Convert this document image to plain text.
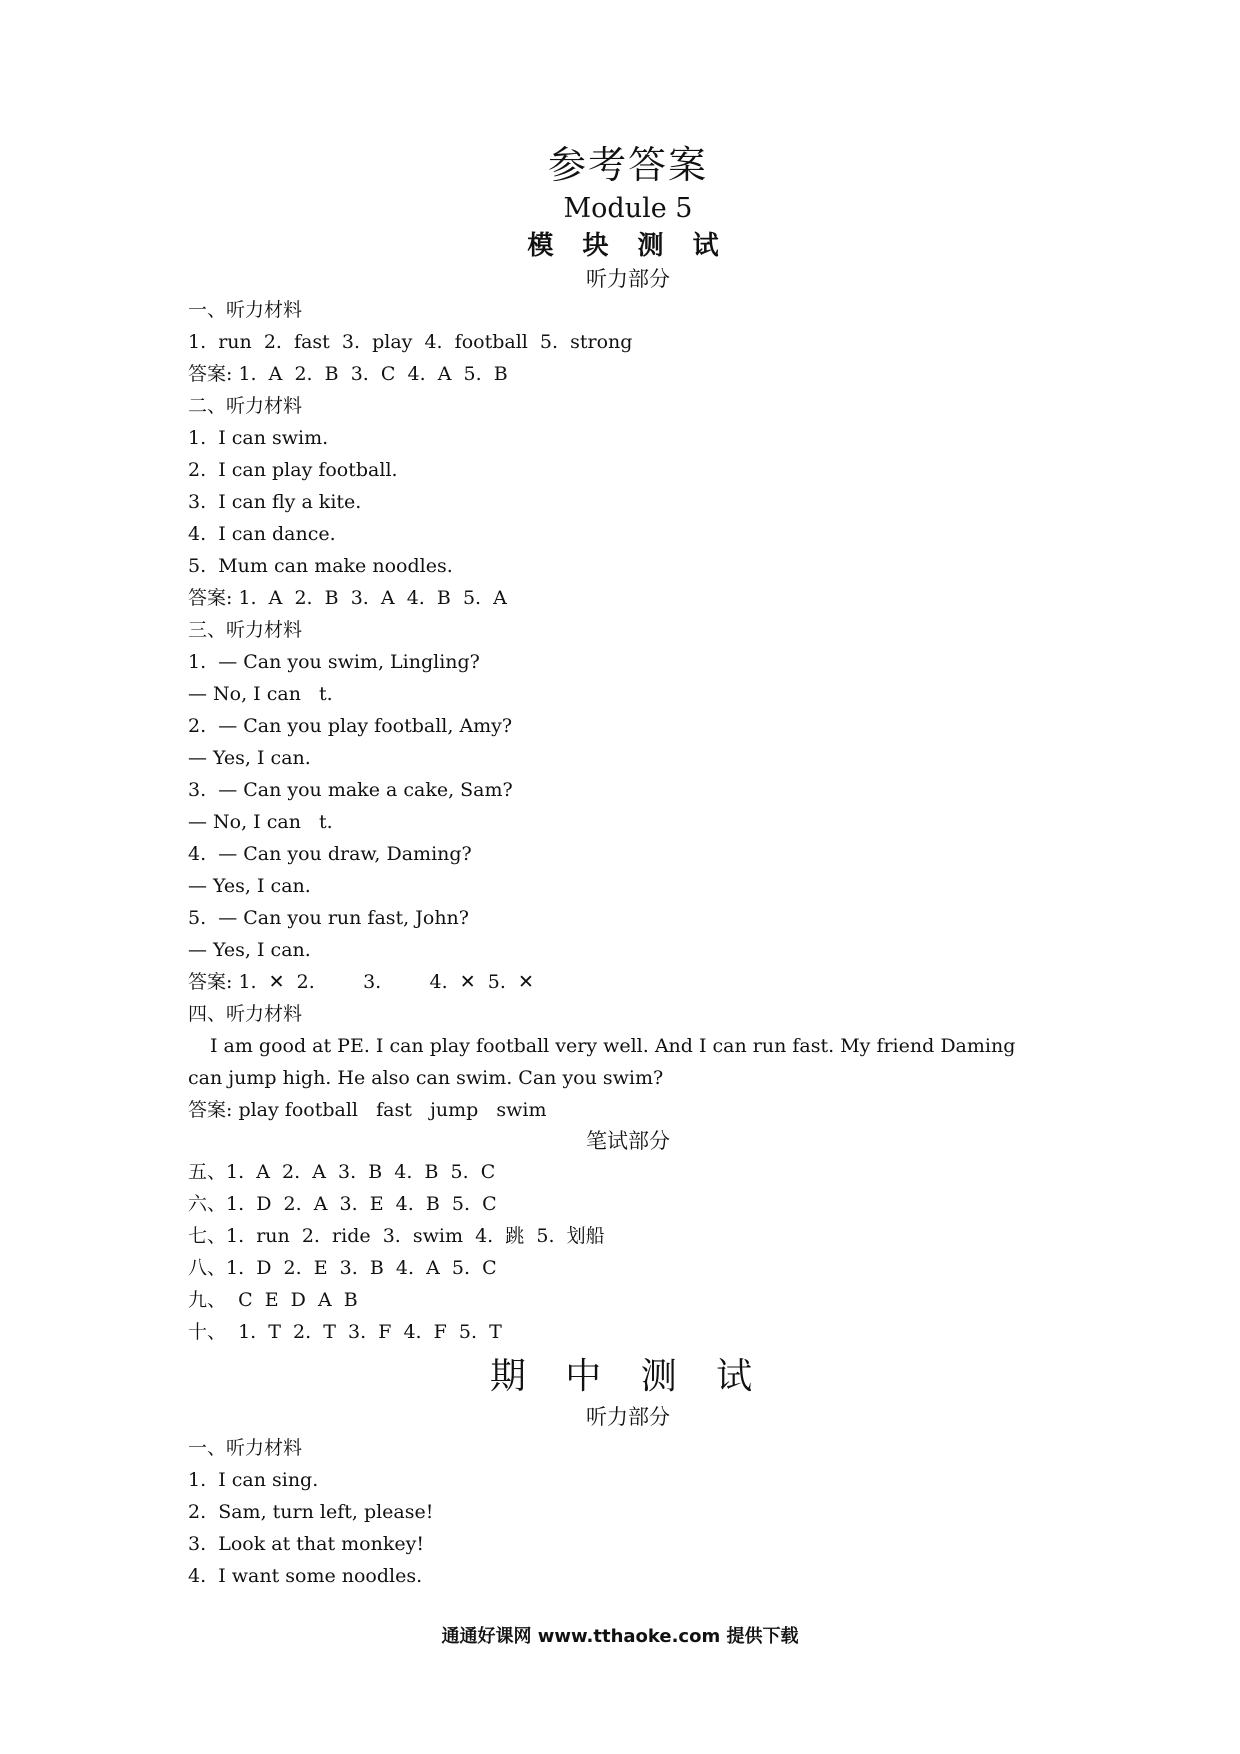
参考答案
Module 5
模 块 测 试
听力部分
一、听力材料
1.  run  2.  fast  3.  play  4.  football  5.  strong
答案: 1.  A  2.  B  3.  C  4.  A  5.  B
二、听力材料
1.  I can swim.
2.  I can play football.
3.  I can fly a kite.
4.  I can dance.
5.  Mum can make noodles.
答案: 1.  A  2.  B  3.  A  4.  B  5.  A
三、听力材料
1.  — Can you swim, Lingling?
— No, I can   t.
2.  — Can you play football, Amy?
— Yes, I can.
3.  — Can you make a cake, Sam?
— No, I can   t.
4.  — Can you draw, Daming?
— Yes, I can.
5.  — Can you run fast, John?
— Yes, I can.
答案: 1.  ✕  2.        3.        4.  ✕  5.  ✕
四、听力材料
I am good at PE. I can play football very well. And I can run fast. My friend Daming
can jump high. He also can swim. Can you swim?
答案: play football   fast   jump   swim
笔试部分
五、1.  A  2.  A  3.  B  4.  B  5.  C
六、1.  D  2.  A  3.  E  4.  B  5.  C
七、1.  run  2.  ride  3.  swim  4.  跳  5.  划船
八、1.  D  2.  E  3.  B  4.  A  5.  C
九、  C  E  D  A  B
十、  1.  T  2.  T  3.  F  4.  F  5.  T
期 中 测 试
听力部分
一、听力材料
1.  I can sing.
2.  Sam, turn left, please!
3.  Look at that monkey!
4.  I want some noodles.
通通好课网 www.tthaoke.com 提供下载
